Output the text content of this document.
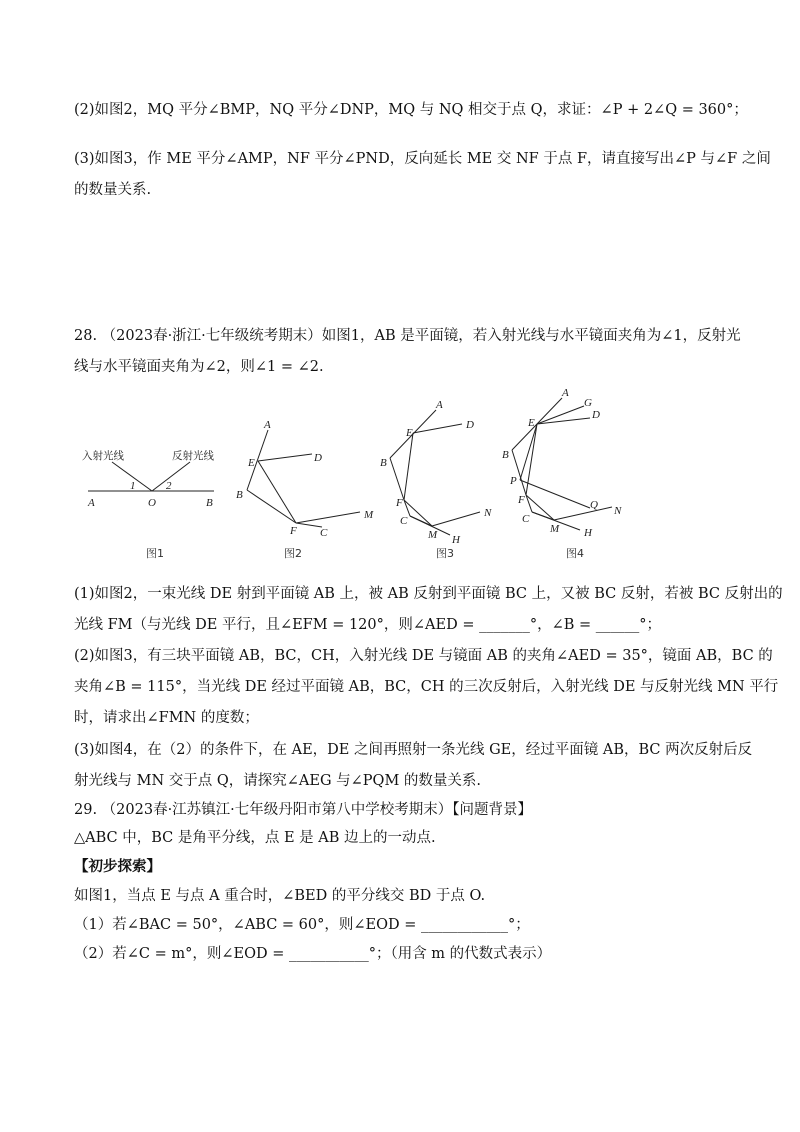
(2)如图2，MQ 平分∠BMP，NQ 平分∠DNP，MQ 与 NQ 相交于点 Q，求证：∠P + 2∠Q = 360°；
(3)如图3，作 ME 平分∠AMP，NF 平分∠PND，反向延长 ME 交 NF 于点 F，请直接写出∠P 与∠F 之间
的数量关系.
28. （2023春·浙江·七年级统考期末）如图1，AB 是平面镜，若入射光线与水平镜面夹角为∠1，反射光
线与水平镜面夹角为∠2，则∠1 = ∠2.
入射光线	反射光线
A	O	B
1	2
A
E	D
B
F C
M
A
E
D
B
F
C
M
N
H
A
G
E
D
B
P
F	Q N
C
M H
图1	图2	图3	图4
(1)如图2，一束光线 DE 射到平面镜 AB 上，被 AB 反射到平面镜 BC 上，又被 BC 反射，若被 BC 反射出的
光线 FM（与光线 DE 平行，且∠EFM = 120°，则∠AED = _______°，∠B = ______°；
(2)如图3，有三块平面镜 AB，BC，CH，入射光线 DE 与镜面 AB 的夹角∠AED = 35°，镜面 AB，BC 的
夹角∠B = 115°，当光线 DE 经过平面镜 AB，BC，CH 的三次反射后，入射光线 DE 与反射光线 MN 平行
时，请求出∠FMN 的度数；
(3)如图4，在（2）的条件下，在 AE，DE 之间再照射一条光线 GE，经过平面镜 AB，BC 两次反射后反
射光线与 MN 交于点 Q，请探究∠AEG 与∠PQM 的数量关系.
29. （2023春·江苏镇江·七年级丹阳市第八中学校考期末）【问题背景】
△ABC 中，BC 是角平分线，点 E 是 AB 边上的一动点.
【初步探索】
如图1，当点 E 与点 A 重合时，∠BED 的平分线交 BD 于点 O.
（1）若∠BAC = 50°，∠ABC = 60°，则∠EOD = ____________°；
（2）若∠C = m°，则∠EOD = ___________°；（用含 m 的代数式表示）
